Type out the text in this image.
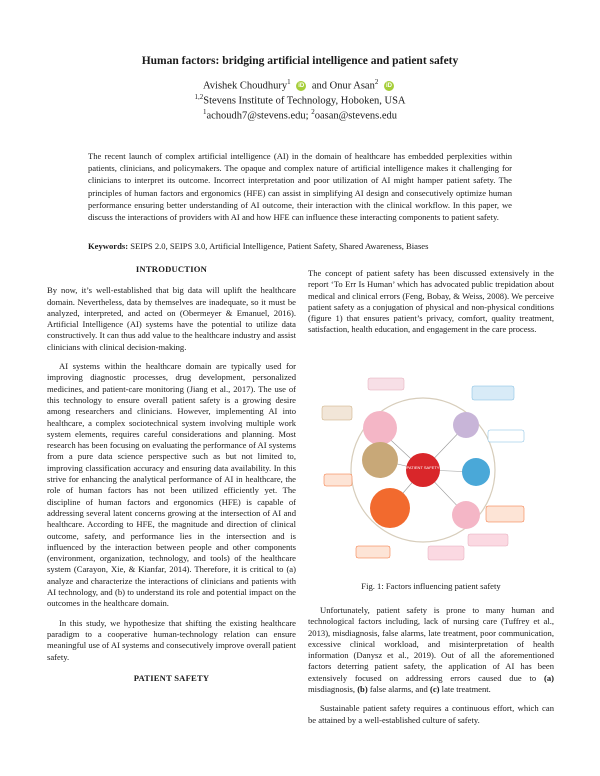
Human factors: bridging artificial intelligence and patient safety
Avishek Choudhury$^1$ iD and Onur Asan$^2$ iD
$^{1,2}$Stevens Institute of Technology, Hoboken, USA
$^1$achoudh7@stevens.edu; $^2$oasan@stevens.edu
The recent launch of complex artificial intelligence (AI) in the domain of healthcare has embedded perplexities within patients, clinicians, and policymakers. The opaque and complex nature of artificial intelligence makes it challenging for clinicians to interpret its outcome. Incorrect interpretation and poor utilization of AI might hamper patient safety. The principles of human factors and ergonomics (HFE) can assist in simplifying AI design and consecutively optimize human performance ensuring better understanding of AI outcome, their interaction with the clinical workflow. In this paper, we discuss the interactions of providers with AI and how HFE can influence these interacting components to patient safety.
Keywords: SEIPS 2.0, SEIPS 3.0, Artificial Intelligence, Patient Safety, Shared Awareness, Biases
INTRODUCTION

By now, it’s well-established that big data will uplift the healthcare domain. Nevertheless, data by themselves are inadequate, so it must be analyzed, interpreted, and acted on (Obermeyer & Emanuel, 2016). Artificial Intelligence (AI) systems have the potential to utilize data constructively. It can thus add value to the healthcare industry and assist clinicians with clinical decision-making.

AI systems within the healthcare domain are typically used for improving diagnostic processes, drug development, personalized medicines, and patient-care monitoring (Jiang et al., 2017). The use of this technology to ensure overall patient safety is a growing desire among researchers and clinicians. However, implementing AI into healthcare, a complex sociotechnical system involving multiple work system elements, requires careful considerations and planning. Most research has been focusing on evaluating the performance of AI systems from a pure data science perspective such as but not limited to, improving classification accuracy and ensuring data availability. In this strive for enhancing the analytical performance of AI in healthcare, the role of human factors has not been utilized efficiently yet. The discipline of human factors and ergonomics (HFE) is capable of addressing several latent concerns growing at the intersection of AI and healthcare. According to HFE, the magnitude and direction of clinical outcome, safety, and performance lies in the intersection and is influenced by the interaction between people and other components (environment, organization, technology, and tools) of the healthcare system (Carayon, Xie, & Kianfar, 2014). Therefore, it is critical to (a) analyze and characterize the interactions of clinicians and patients with AI technology, and (b) to understand its role and potential impact on the outcomes in the healthcare domain.

In this study, we hypothesize that shifting the existing healthcare paradigm to a cooperative human-technology relation can ensure meaningful use of AI systems and consecutively improve overall patient safety.

PATIENT SAFETY

The concept of patient safety has been discussed extensively in the report ‘To Err Is Human’ which has advocated public trepidation about medical and clinical errors (Feng, Bobay, & Weiss, 2008). We perceive patient safety as a conjugation of physical and non-physical conditions (figure 1) that ensures patient’s privacy, comfort, quality treatment, satisfaction, health education, and engagement in the care process.

PATIENT SAFETY
Fig. 1: Factors influencing patient safety

Unfortunately, patient safety is prone to many human and technological factors including, lack of nursing care (Tuffrey et al., 2013), misdiagnosis, false alarms, late treatment, poor communication, excessive clinical workload, and misinterpretation of health information (Danysz et al., 2019). Out of all the aforementioned factors deterring patient safety, the application of AI has been extensively focused on addressing errors caused due to (a) misdiagnosis, (b) false alarms, and (c) late treatment.

Sustainable patient safety requires a continuous effort, which can be attained by a well-established culture of safety.
